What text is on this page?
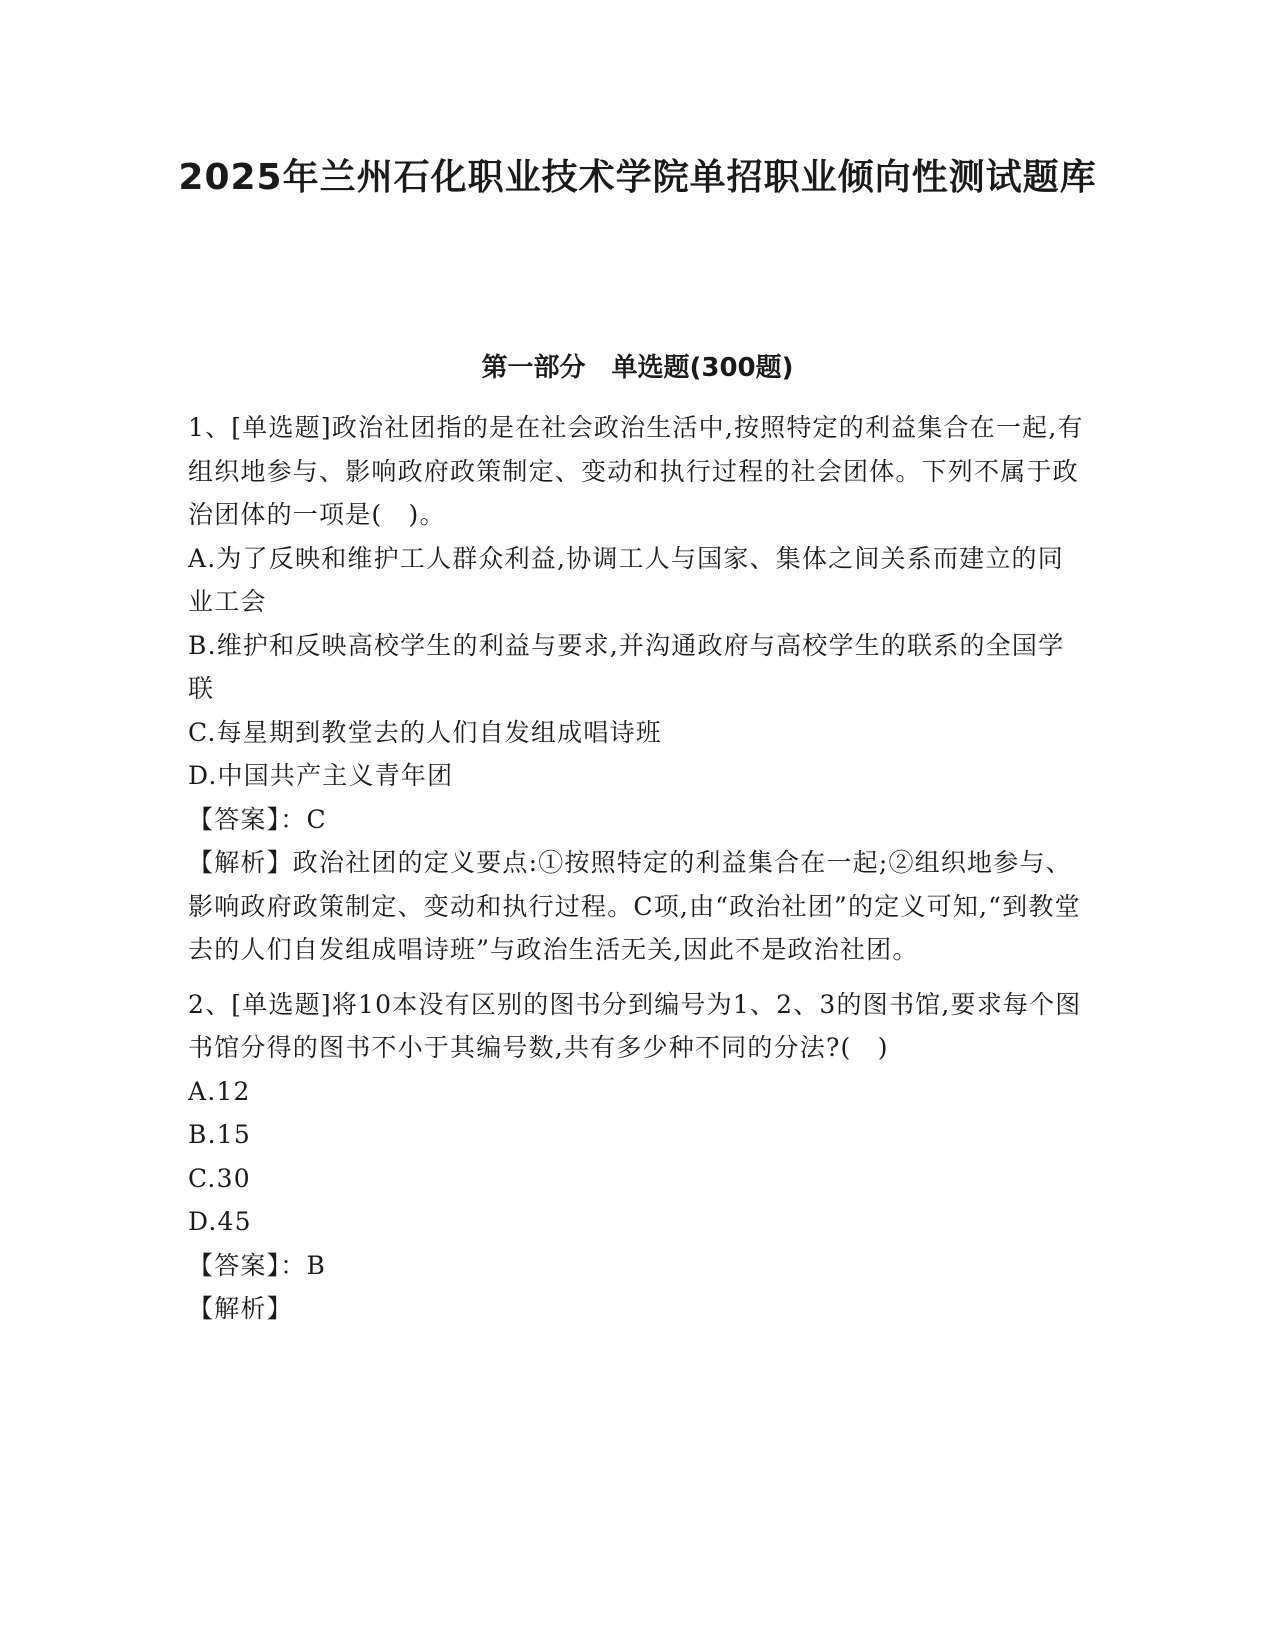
2025年兰州石化职业技术学院单招职业倾向性测试题库
第一部分　单选题(300题)

1、[单选题]政治社团指的是在社会政治生活中,按照特定的利益集合在一起,有组织地参与、影响政府政策制定、变动和执行过程的社会团体。下列不属于政治团体的一项是(　)。

A.为了反映和维护工人群众利益,协调工人与国家、集体之间关系而建立的同业工会

B.维护和反映高校学生的利益与要求,并沟通政府与高校学生的联系的全国学联

C.每星期到教堂去的人们自发组成唱诗班

D.中国共产主义青年团

【答案】：C

【解析】政治社团的定义要点:①按照特定的利益集合在一起;②组织地参与、影响政府政策制定、变动和执行过程。C项,由“政治社团”的定义可知,“到教堂去的人们自发组成唱诗班”与政治生活无关,因此不是政治社团。

2、[单选题]将10本没有区别的图书分到编号为1、2、3的图书馆,要求每个图书馆分得的图书不小于其编号数,共有多少种不同的分法?(　)

A.12

B.15

C.30

D.45

【答案】：B

【解析】
